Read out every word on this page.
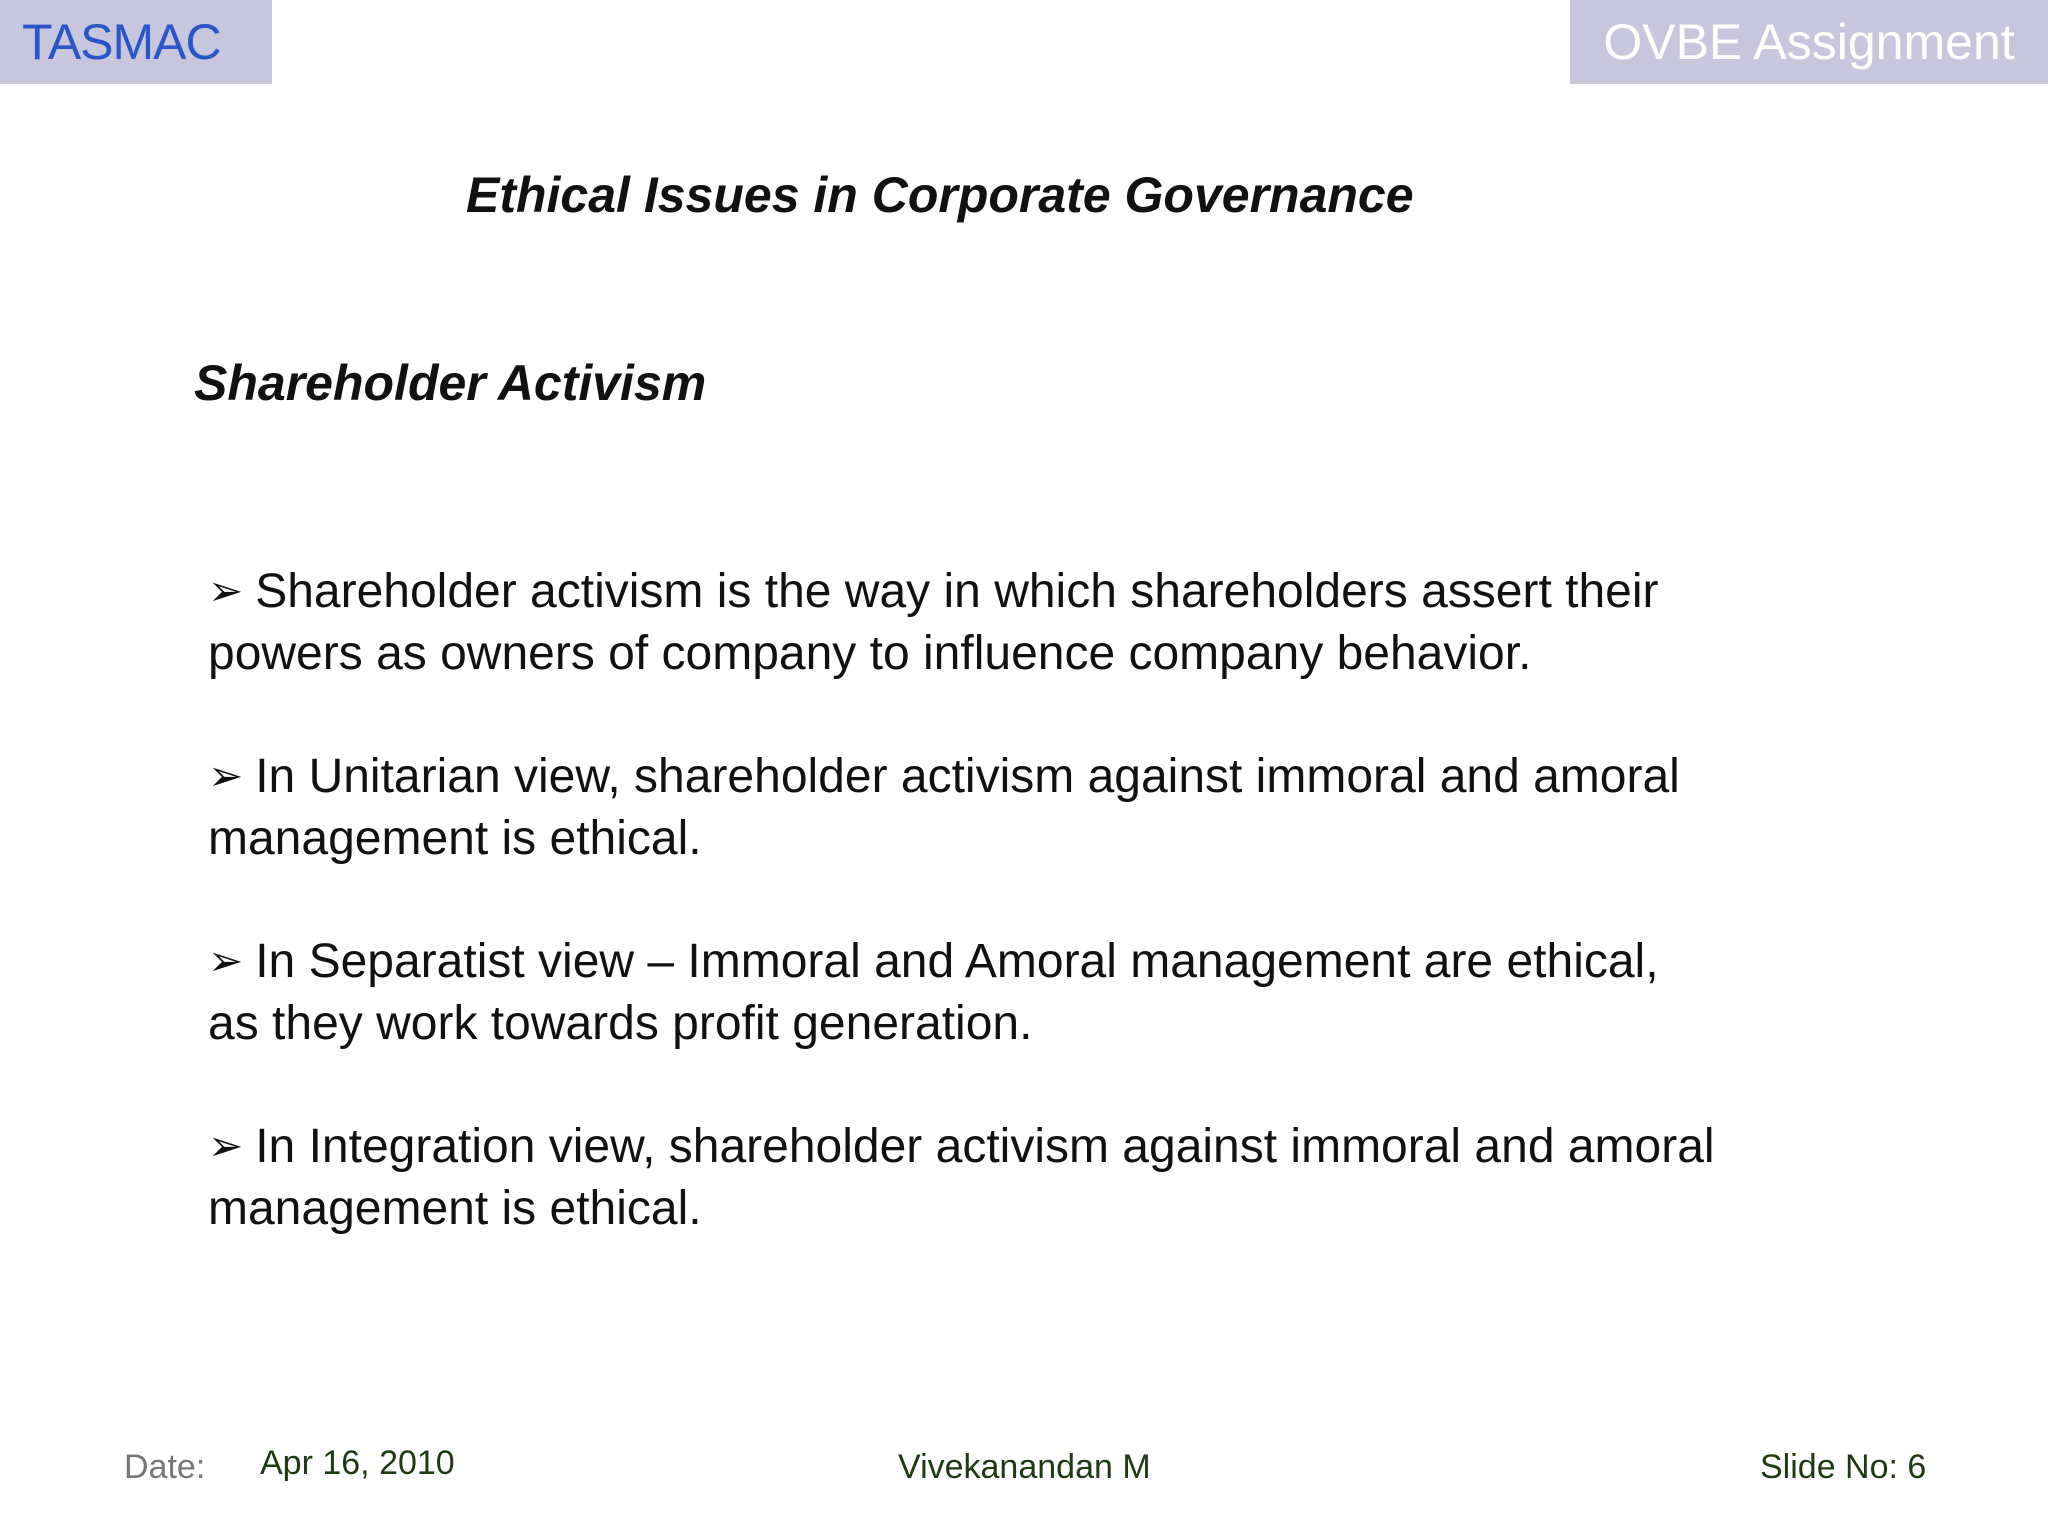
TASMAC	OVBE Assignment
Ethical Issues in Corporate Governance
Shareholder Activism
➢ Shareholder activism is the way in which shareholders assert their
powers as owners of company to influence company behavior.
➢ In Unitarian view, shareholder activism against immoral and amoral
management is ethical.
➢ In Separatist view – Immoral and Amoral management are ethical,
as they work towards profit generation.
➢ In Integration view, shareholder activism against immoral and amoral
management is ethical.
Date: Apr 16, 2010	Vivekanandan M	Slide No: 6
